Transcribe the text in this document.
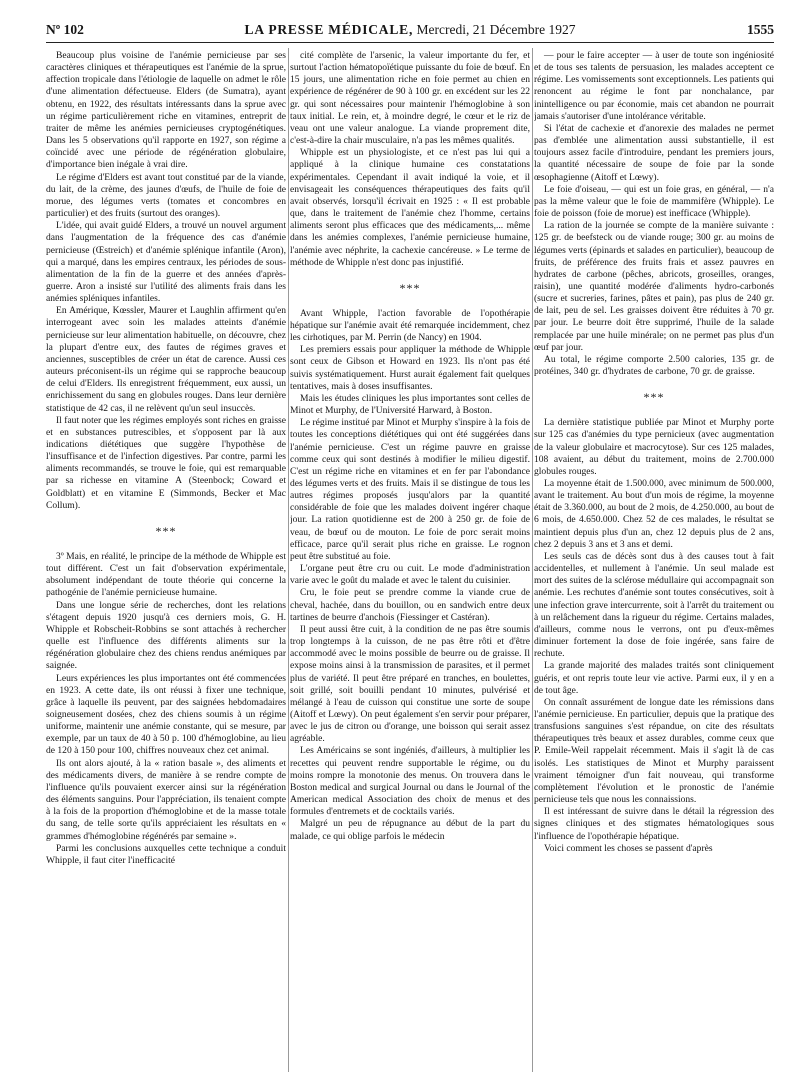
Nº 102	LA PRESSE MÉDICALE, Mercredi, 21 Décembre 1927	1555

Beaucoup plus voisine de l'anémie pernicieuse par ses caractères cliniques et thérapeutiques est l'anémie de la sprue, affection tropicale dans l'étiologie de laquelle on admet le rôle d'une alimentation défectueuse. Elders (de Sumatra), ayant obtenu, en 1922, des résultats intéressants dans la sprue avec un régime particulièrement riche en vitamines, entreprit de traiter de même les anémies pernicieuses cryptogénétiques. Dans les 5 observations qu'il rapporte en 1927, son régime a coïncidé avec une période de régénération globulaire, d'importance bien inégale à vrai dire.

Le régime d'Elders est avant tout constitué par de la viande, du lait, de la crème, des jaunes d'œufs, de l'huile de foie de morue, des légumes verts (tomates et concombres en particulier) et des fruits (surtout des oranges).

L'idée, qui avait guidé Elders, a trouvé un nouvel argument dans l'augmentation de la fréquence des cas d'anémie pernicieuse (Œstreich) et d'anémie splénique infantile (Aron), qui a marqué, dans les empires centraux, les périodes de sous-alimentation de la fin de la guerre et des années d'après-guerre. Aron a insisté sur l'utilité des aliments frais dans les anémies spléniques infantiles.

En Amérique, Kœssler, Maurer et Laughlin affirment qu'en interrogeant avec soin les malades atteints d'anémie pernicieuse sur leur alimentation habituelle, on découvre, chez la plupart d'entre eux, des fautes de régimes graves et anciennes, susceptibles de créer un état de carence. Aussi ces auteurs préconisent-ils un régime qui se rapproche beaucoup de celui d'Elders. Ils enregistrent fréquemment, eux aussi, un enrichissement du sang en globules rouges. Dans leur dernière statistique de 42 cas, il ne relèvent qu'un seul insuccès.

Il faut noter que les régimes employés sont riches en graisse et en substances putrescibles, et s'opposent par là aux indications diététiques que suggère l'hypothèse de l'insuffisance et de l'infection digestives. Par contre, parmi les aliments recommandés, se trouve le foie, qui est remarquable par sa richesse en vitamine A (Steenbock; Coward et Goldblatt) et en vitamine E (Simmonds, Becker et Mac Collum).

***

3º Mais, en réalité, le principe de la méthode de Whipple est tout différent. C'est un fait d'observation expérimentale, absolument indépendant de toute théorie qui concerne la pathogénie de l'anémie pernicieuse humaine.

Dans une longue série de recherches, dont les relations s'étagent depuis 1920 jusqu'à ces derniers mois, G. H. Whipple et Robscheit-Robbins se sont attachés à rechercher quelle est l'influence des différents aliments sur la régénération globulaire chez des chiens rendus anémiques par saignée.

Leurs expériences les plus importantes ont été commencées en 1923. A cette date, ils ont réussi à fixer une technique, grâce à laquelle ils peuvent, par des saignées hebdomadaires soigneusement dosées, chez des chiens soumis à un régime uniforme, maintenir une anémie constante, qui se mesure, par exemple, par un taux de 40 à 50 p. 100 d'hémoglobine, au lieu de 120 à 150 pour 100, chiffres nouveaux chez cet animal.

Ils ont alors ajouté, à la « ration basale », des aliments et des médicaments divers, de manière à se rendre compte de l'influence qu'ils pouvaient exercer ainsi sur la régénération des éléments sanguins. Pour l'appréciation, ils tenaient compte à la fois de la proportion d'hémoglobine et de la masse totale du sang, de telle sorte qu'ils appréciaient les résultats en « grammes d'hémoglobine régénérés par semaine ».

Parmi les conclusions auxquelles cette technique a conduit Whipple, il faut citer l'inefficacité

cité complète de l'arsenic, la valeur importante du fer, et surtout l'action hématopoïétique puissante du foie de bœuf. En 15 jours, une alimentation riche en foie permet au chien en expérience de régénérer de 90 à 100 gr. en excédent sur les 22 gr. qui sont nécessaires pour maintenir l'hémoglobine à son taux initial. Le rein, et, à moindre degré, le cœur et le riz de veau ont une valeur analogue. La viande proprement dite, c'est-à-dire la chair musculaire, n'a pas les mêmes qualités.

Whipple est un physiologiste, et ce n'est pas lui qui a appliqué à la clinique humaine ces constatations expérimentales. Cependant il avait indiqué la voie, et il envisageait les conséquences thérapeutiques des faits qu'il avait observés, lorsqu'il écrivait en 1925 : « Il est probable que, dans le traitement de l'anémie chez l'homme, certains aliments seront plus efficaces que des médicaments,... même dans les anémies complexes, l'anémie pernicieuse humaine, l'anémie avec néphrite, la cachexie cancéreuse. » Le terme de méthode de Whipple n'est donc pas injustifié.

***

Avant Whipple, l'action favorable de l'opothérapie hépatique sur l'anémie avait été remarquée incidemment, chez les cirhotiques, par M. Perrin (de Nancy) en 1904.

Les premiers essais pour appliquer la méthode de Whipple sont ceux de Gibson et Howard en 1923. Ils n'ont pas été suivis systématiquement. Hurst aurait également fait quelques tentatives, mais à doses insuffisantes.

Mais les études cliniques les plus importantes sont celles de Minot et Murphy, de l'Université Harward, à Boston.

Le régime institué par Minot et Murphy s'inspire à la fois de toutes les conceptions diététiques qui ont été suggérées dans l'anémie pernicieuse. C'est un régime pauvre en graisse comme ceux qui sont destinés à modifier le milieu digestif. C'est un régime riche en vitamines et en fer par l'abondance des légumes verts et des fruits. Mais il se distingue de tous les autres régimes proposés jusqu'alors par la quantité considérable de foie que les malades doivent ingérer chaque jour. La ration quotidienne est de 200 à 250 gr. de foie de veau, de bœuf ou de mouton. Le foie de porc serait moins efficace, parce qu'il serait plus riche en graisse. Le rognon peut être substitué au foie.

L'organe peut être cru ou cuit. Le mode d'administration varie avec le goût du malade et avec le talent du cuisinier.

Cru, le foie peut se prendre comme la viande crue de cheval, hachée, dans du bouillon, ou en sandwich entre deux tartines de beurre d'anchois (Fiessinger et Castéran).

Il peut aussi être cuit, à la condition de ne pas être soumis trop longtemps à la cuisson, de ne pas être rôti et d'être accommodé avec le moins possible de beurre ou de graisse. Il expose moins ainsi à la transmission de parasites, et il permet plus de variété. Il peut être préparé en tranches, en boulettes, soit grillé, soit bouilli pendant 10 minutes, pulvérisé et mélangé à l'eau de cuisson qui constitue une sorte de soupe (Aitoff et Lœwy). On peut également s'en servir pour préparer, avec le jus de citron ou d'orange, une boisson qui serait assez agréable.

Les Américains se sont ingéniés, d'ailleurs, à multiplier les recettes qui peuvent rendre supportable le régime, ou du moins rompre la monotonie des menus. On trouvera dans le Boston medical and surgical Journal ou dans le Journal of the American medical Association des choix de menus et des formules d'entremets et de cocktails variés.

Malgré un peu de répugnance au début de la part du malade, ce qui oblige parfois le médecin

— pour le faire accepter — à user de toute son ingéniosité et de tous ses talents de persuasion, les malades acceptent ce régime. Les vomissements sont exceptionnels. Les patients qui renoncent au régime le font par nonchalance, par inintelligence ou par économie, mais cet abandon ne pourrait jamais s'autoriser d'une intolérance véritable.

Si l'état de cachexie et d'anorexie des malades ne permet pas d'emblée une alimentation aussi substantielle, il est toujours assez facile d'introduire, pendant les premiers jours, la quantité nécessaire de soupe de foie par la sonde œsophagienne (Aitoff et Lœwy).

Le foie d'oiseau, — qui est un foie gras, en général, — n'a pas la même valeur que le foie de mammifère (Whipple). Le foie de poisson (foie de morue) est inefficace (Whipple).

La ration de la journée se compte de la manière suivante : 125 gr. de beefsteck ou de viande rouge; 300 gr. au moins de légumes verts (épinards et salades en particulier), beaucoup de fruits, de préférence des fruits frais et assez pauvres en hydrates de carbone (pêches, abricots, groseilles, oranges, raisin), une quantité modérée d'aliments hydro-carbonés (sucre et sucreries, farines, pâtes et pain), pas plus de 240 gr. de lait, peu de sel. Les graisses doivent être réduites à 70 gr. par jour. Le beurre doit être supprimé, l'huile de la salade remplacée par une huile minérale; on ne permet pas plus d'un œuf par jour.

Au total, le régime comporte 2.500 calories, 135 gr. de protéines, 340 gr. d'hydrates de carbone, 70 gr. de graisse.

***

La dernière statistique publiée par Minot et Murphy porte sur 125 cas d'anémies du type pernicieux (avec augmentation de la valeur globulaire et macrocytose). Sur ces 125 malades, 108 avaient, au début du traitement, moins de 2.700.000 globules rouges.

La moyenne était de 1.500.000, avec minimum de 500.000, avant le traitement. Au bout d'un mois de régime, la moyenne était de 3.360.000, au bout de 2 mois, de 4.250.000, au bout de 6 mois, de 4.650.000. Chez 52 de ces malades, le résultat se maintient depuis plus d'un an, chez 12 depuis plus de 2 ans, chez 2 depuis 3 ans et 3 ans et demi.

Les seuls cas de décès sont dus à des causes tout à fait accidentelles, et nullement à l'anémie. Un seul malade est mort des suites de la sclérose médullaire qui accompagnait son anémie. Les rechutes d'anémie sont toutes consécutives, soit à une infection grave intercurrente, soit à l'arrêt du traitement ou à un relâchement dans la rigueur du régime. Certains malades, d'ailleurs, comme nous le verrons, ont pu d'eux-mêmes diminuer fortement la dose de foie ingérée, sans faire de rechute.

La grande majorité des malades traités sont cliniquement guéris, et ont repris toute leur vie active. Parmi eux, il y en a de tout âge.

On connaît assurément de longue date les rémissions dans l'anémie pernicieuse. En particulier, depuis que la pratique des transfusions sanguines s'est répandue, on cite des résultats thérapeutiques très beaux et assez durables, comme ceux que P. Emile-Weil rappelait récemment. Mais il s'agit là de cas isolés. Les statistiques de Minot et Murphy paraissent vraiment témoigner d'un fait nouveau, qui transforme complètement l'évolution et le pronostic de l'anémie pernicieuse tels que nous les connaissions.

Il est intéressant de suivre dans le détail la régression des signes cliniques et des stigmates hématologiques sous l'influence de l'opothérapie hépatique.

Voici comment les choses se passent d'après
